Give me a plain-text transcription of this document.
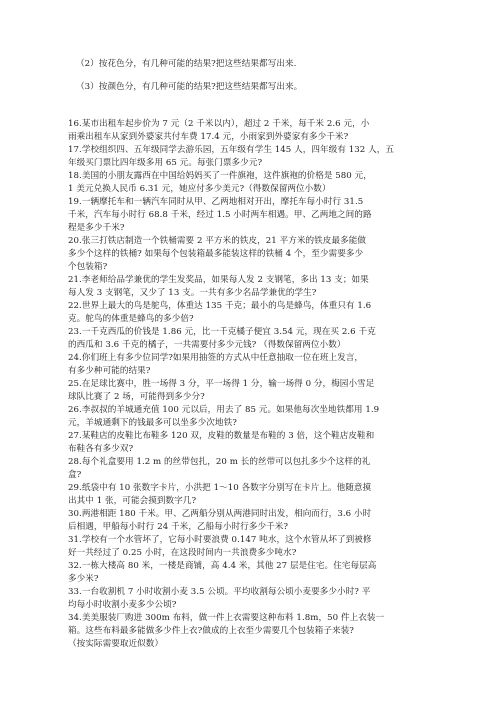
（2）按花色分，有几种可能的结果?把这些结果都写出来.
（3）按颜色分，有几种可能的结果?把这些结果都写出来。
16.某市出租车起步价为 7 元（2 千米以内），超过 2 千米，每千米 2.6 元，小
雨乘出租车从家到外婆家共付车费 17.4 元，小雨家到外婆家有多少千米?
17.学校组织四、五年级同学去游乐园，五年级有学生 145 人，四年级有 132 人，五
年级买门票比四年级多用 65 元。每张门票多少元?
18.美国的小朋友露西在中国给妈妈买了一件旗袍，这件旗袍的价格是 580 元，
1 美元兑换人民币 6.31 元，她应付多少美元?（得数保留两位小数）
19.一辆摩托车和一辆汽车同时从甲、乙两地相对开出，摩托车每小时行 31.5
千米，汽车每小时行 68.8 千米，经过 1.5 小时两车相遇。甲、乙两地之间的路
程是多少千米?
20.张三打铁店制造一个铁桶需要 2 平方米的铁皮，21 平方米的铁皮最多能做
多少个这样的铁桶? 如果每个包装箱最多能装这样的铁桶 4 个，至少需要多少
个包装箱?
21.李老师给品学兼优的学生发奖品，如果每人发 2 支钢笔，多出 13 支；如果
每人发 3 支钢笔，又少了 13 支。一共有多少名品学兼优的学生?
22.世界上最大的鸟是鸵鸟，体重达 135 千克；最小的鸟是蜂鸟，体重只有 1.6
克。鸵鸟的体重是蜂鸟的多少倍?
23.一千克西瓜的价钱是 1.86 元，比一千克橘子便宜 3.54 元，现在买 2.6 千克
的西瓜和 3.6 千克的橘子，一共需要付多少元钱? （得数保留两位小数）
24.你们班上有多少位同学?如果用抽签的方式从中任意抽取一位在班上发言，
有多少种可能的结果?
25.在足球比赛中，胜一场得 3 分，平一场得 1 分，输一场得 0 分，梅园小雪足
球队比赛了 2 场，可能得到多少分?
26.李叔叔的羊城通充值 100 元以后，用去了 85 元。如果他每次坐地铁都用 1.9
元，羊城通剩下的钱最多可以坐多少次地铁?
27.某鞋店的皮鞋比布鞋多 120 双，皮鞋的数量是布鞋的 3 倍，这个鞋店皮鞋和
布鞋各有多少双?
28.每个礼盒要用 1.2 m 的丝带包扎，20 m 长的丝带可以包扎多少个这样的礼
盒?
29.纸袋中有 10 张数字卡片，小洪把 1～10 各数字分别写在卡片上。他随意摸
出其中 1 张，可能会摸到数字几?
30.两港相距 180 千米。甲、乙两船分别从两港同时出发，相向而行，3.6 小时
后相遇，甲船每小时行 24 千米，乙船每小时行多少千米?
31.学校有一个水管坏了，它每小时要浪费 0.147 吨水，这个水管从坏了到被修
好一共经过了 0.25 小时，在这段时间内一共浪费多少吨水?
32.一栋大楼高 80 米，一楼是商铺，高 4.4 米，其他 27 层是住宅。住宅每层高
多少米?
33.一台收割机 7 小时收割小麦 3.5 公顷。平均收割每公顷小麦要多少小时? 平
均每小时收割小麦多少公顷?
34.美美服装厂购进 300m 布料，做一件上衣需要这种布料 1.8m，50 件上衣装一
箱。这些布料最多能做多少件上衣?做成的上衣至少需要几个包装箱子来装?
（按实际需要取近似数）
